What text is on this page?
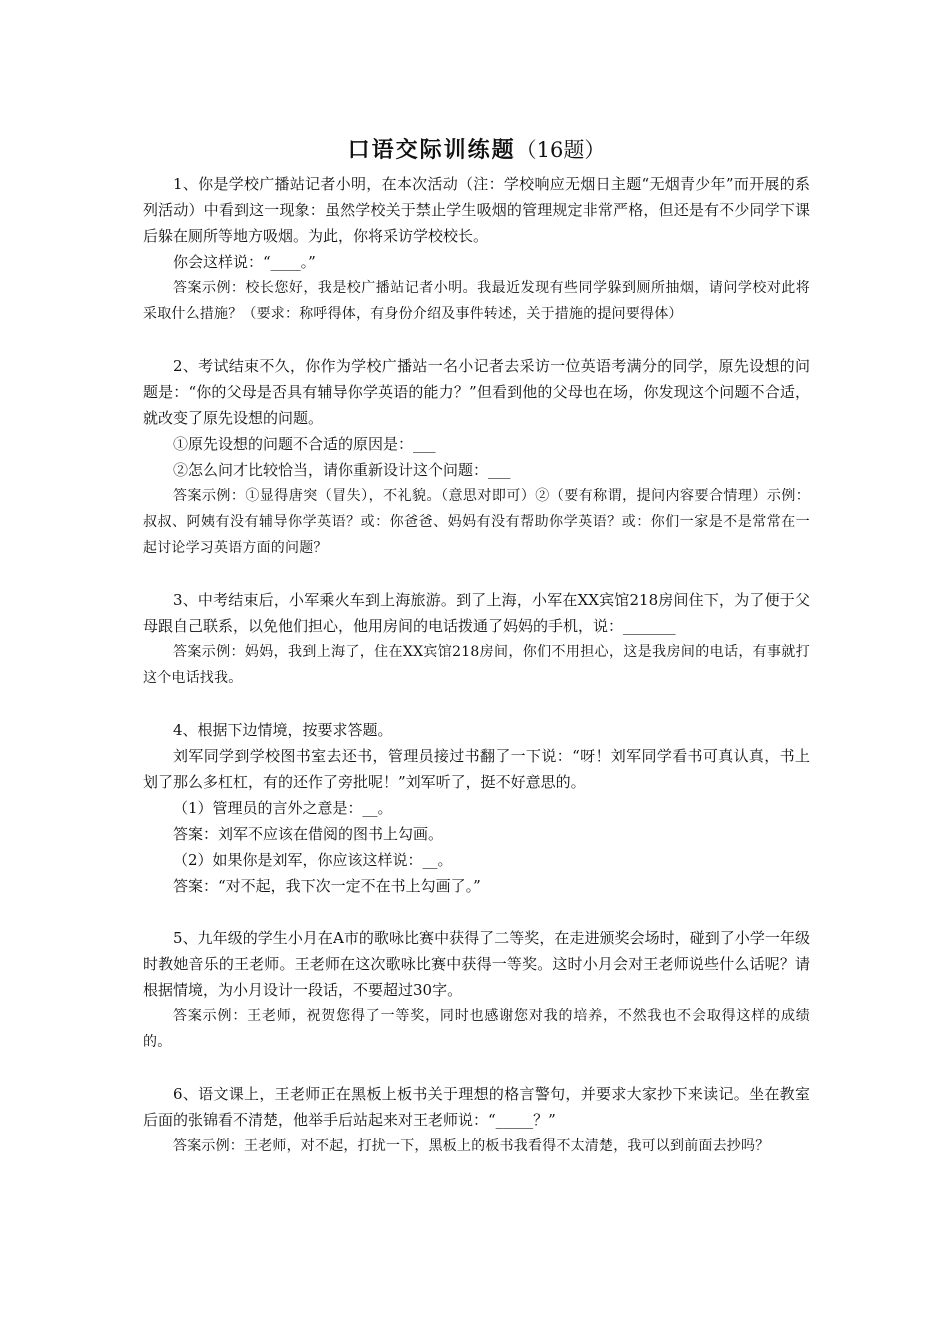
口语交际训练题（16题）

1、你是学校广播站记者小明，在本次活动（注：学校响应无烟日主题“无烟青少年”而开展的系列活动）中看到这一现象：虽然学校关于禁止学生吸烟的管理规定非常严格，但还是有不少同学下课后躲在厕所等地方吸烟。为此，你将采访学校校长。

你会这样说：“____。”

答案示例：校长您好，我是校广播站记者小明。我最近发现有些同学躲到厕所抽烟，请问学校对此将采取什么措施？（要求：称呼得体，有身份介绍及事件转述，关于措施的提问要得体）

2、考试结束不久，你作为学校广播站一名小记者去采访一位英语考满分的同学，原先设想的问题是：“你的父母是否具有辅导你学英语的能力？”但看到他的父母也在场，你发现这个问题不合适，就改变了原先设想的问题。

①原先设想的问题不合适的原因是：___

②怎么问才比较恰当，请你重新设计这个问题：___

答案示例：①显得唐突（冒失），不礼貌。（意思对即可）②（要有称谓，提问内容要合情理）示例：叔叔、阿姨有没有辅导你学英语？或：你爸爸、妈妈有没有帮助你学英语？或：你们一家是不是常常在一起讨论学习英语方面的问题？

3、中考结束后，小军乘火车到上海旅游。到了上海，小军在XX宾馆218房间住下，为了便于父母跟自己联系，以免他们担心，他用房间的电话拨通了妈妈的手机，说：_______

答案示例：妈妈，我到上海了，住在XX宾馆218房间，你们不用担心，这是我房间的电话，有事就打这个电话找我。

4、根据下边情境，按要求答题。

刘军同学到学校图书室去还书，管理员接过书翻了一下说：“呀！刘军同学看书可真认真，书上划了那么多杠杠，有的还作了旁批呢！”刘军听了，挺不好意思的。

（1）管理员的言外之意是：__。

答案：刘军不应该在借阅的图书上勾画。

（2）如果你是刘军，你应该这样说：__。

答案：“对不起，我下次一定不在书上勾画了。”

5、九年级的学生小月在A市的歌咏比赛中获得了二等奖，在走进颁奖会场时，碰到了小学一年级时教她音乐的王老师。王老师在这次歌咏比赛中获得一等奖。这时小月会对王老师说些什么话呢？请根据情境，为小月设计一段话，不要超过30字。

答案示例：王老师，祝贺您得了一等奖，同时也感谢您对我的培养，不然我也不会取得这样的成绩的。

6、语文课上，王老师正在黑板上板书关于理想的格言警句，并要求大家抄下来读记。坐在教室后面的张锦看不清楚，他举手后站起来对王老师说：“_____？”

答案示例：王老师，对不起，打扰一下，黑板上的板书我看得不太清楚，我可以到前面去抄吗？
